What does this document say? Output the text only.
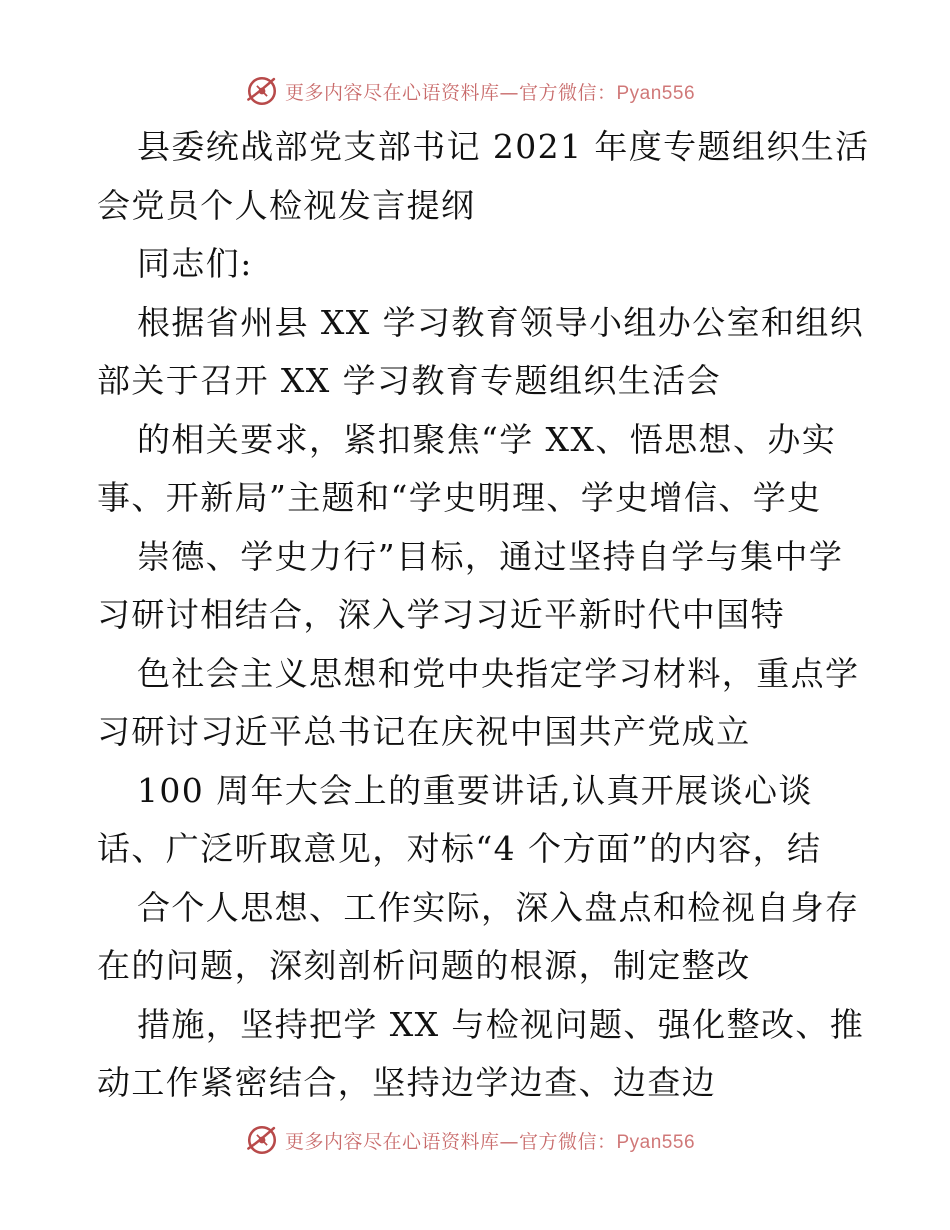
更多内容尽在心语资料库—官方微信：Pyan556
县委统战部党支部书记 2021 年度专题组织生活
会党员个人检视发言提纲
同志们:
根据省州县 XX 学习教育领导小组办公室和组织
部关于召开 XX 学习教育专题组织生活会
的相关要求，紧扣聚焦“学 XX、悟思想、办实
事、开新局”主题和“学史明理、学史增信、学史
崇德、学史力行”目标，通过坚持自学与集中学
习研讨相结合，深入学习习近平新时代中国特
色社会主义思想和党中央指定学习材料，重点学
习研讨习近平总书记在庆祝中国共产党成立
100 周年大会上的重要讲话,认真开展谈心谈
话、广泛听取意见，对标“4 个方面”的内容，结
合个人思想、工作实际，深入盘点和检视自身存
在的问题，深刻剖析问题的根源，制定整改
措施，坚持把学 XX 与检视问题、强化整改、推
动工作紧密结合，坚持边学边查、边查边
更多内容尽在心语资料库—官方微信：Pyan556
